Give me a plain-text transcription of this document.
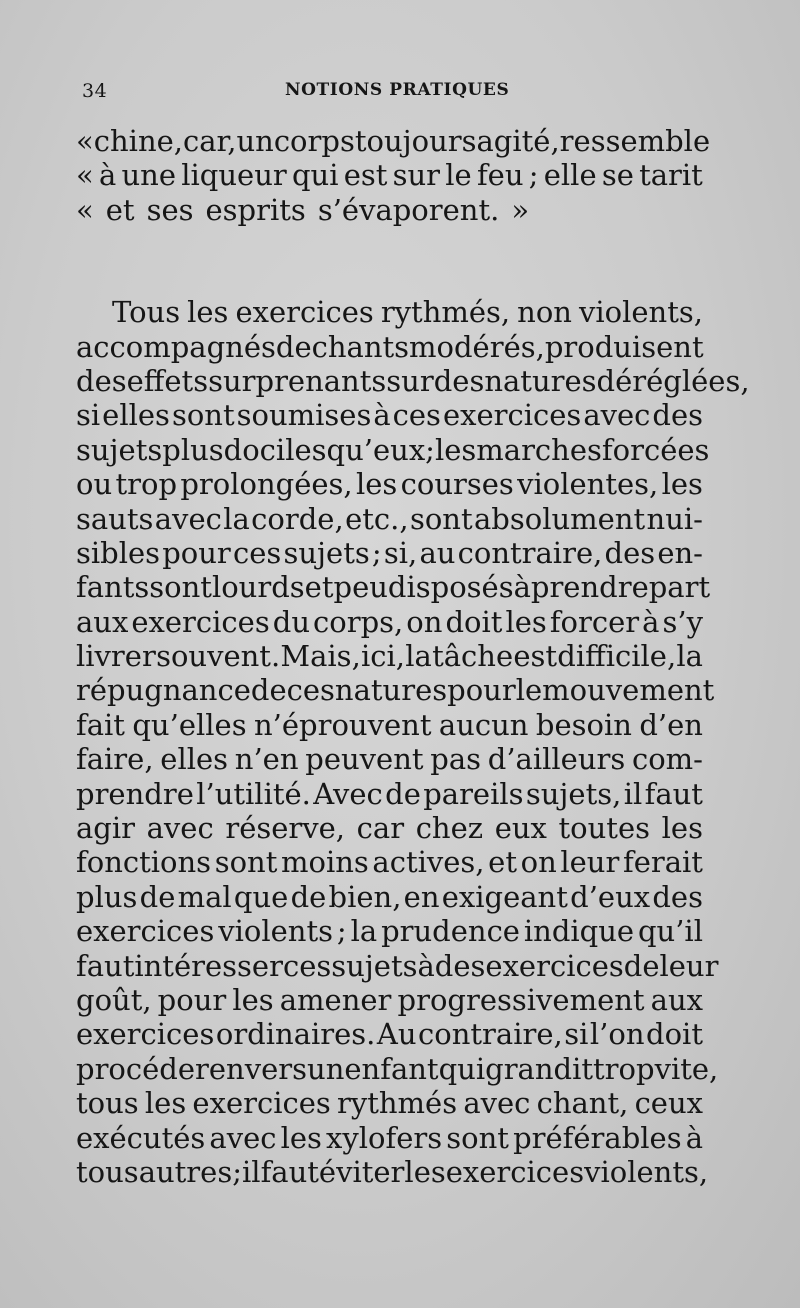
34	NOTIONS PRATIQUES
« chine, car, un corps toujours agité, ressemble
« à une liqueur qui est sur le feu ; elle se tarit
« et ses esprits s’évaporent. »
Tous les exercices rythmés, non violents,
accompagnés de chants modérés, produisent
des effets surprenants sur des natures déréglées,
si elles sont soumises à ces exercices avec des
sujets plus dociles qu’eux ; les marches forcées
ou trop prolongées, les courses violentes, les
sauts avec la corde, etc., sont absolument nui-
sibles pour ces sujets ; si, au contraire, des en-
fants sont lourds et peu disposés à prendre part
aux exercices du corps, on doit les forcer à s’y
livrer souvent. Mais, ici, la tâche est difficile, la
répugnance de ces natures pour le mouvement
fait qu’elles n’éprouvent aucun besoin d’en
faire, elles n’en peuvent pas d’ailleurs com-
prendre l’utilité. Avec de pareils sujets, il faut
agir avec réserve, car chez eux toutes les
fonctions sont moins actives, et on leur ferait
plus de mal que de bien, en exigeant d’eux des
exercices violents ; la prudence indique qu’il
faut intéresser ces sujets à des exercices de leur
goût, pour les amener progressivement aux
exercices ordinaires. Au contraire, si l’on doit
procéder envers un enfant qui grandit trop vite,
tous les exercices rythmés avec chant, ceux
exécutés avec les xylofers sont préférables à
tous autres ; il faut éviter les exercices violents,
